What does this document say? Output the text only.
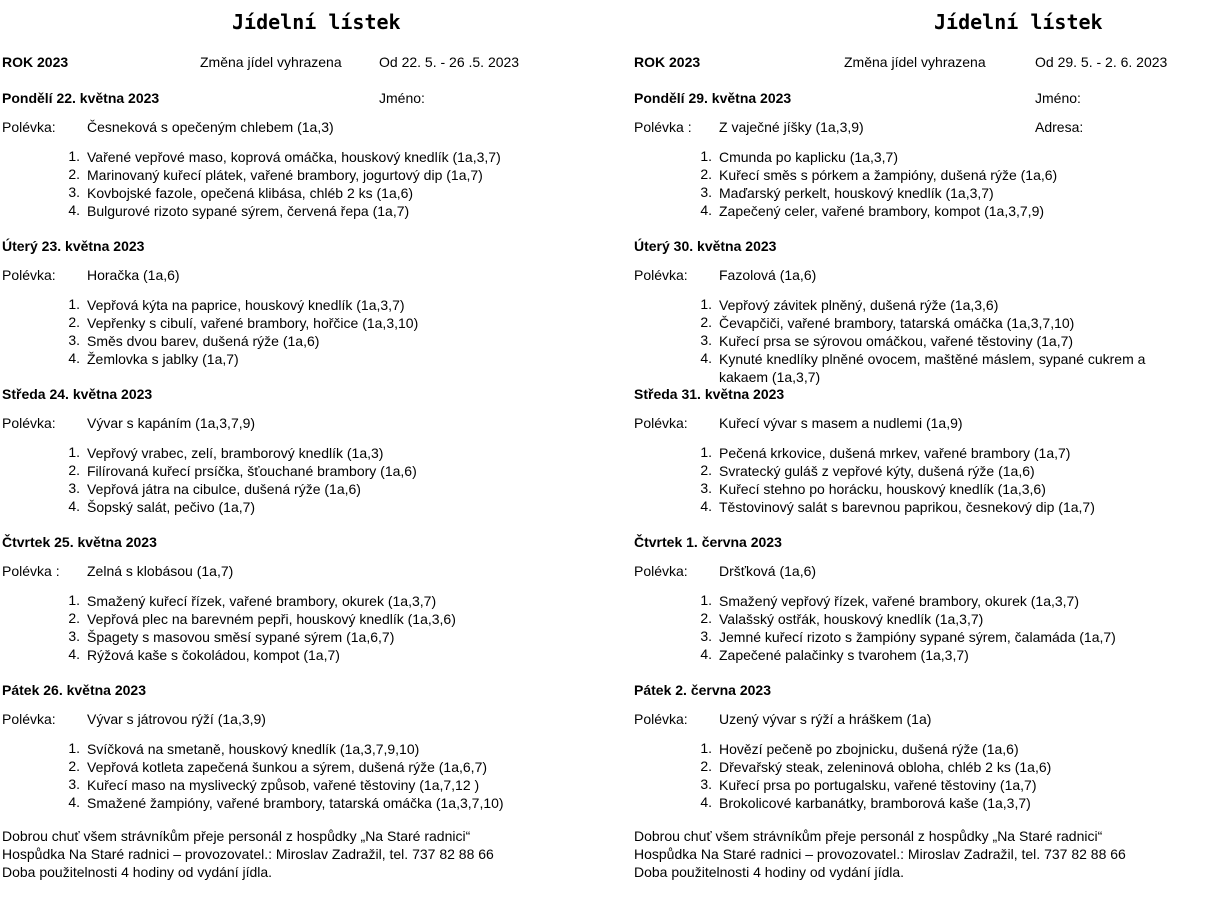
Jídelní lístek
ROK 2023	Změna jídel vyhrazena	Od 22. 5. - 26 .5. 2023
Jméno:
Pondělí 22. května 2023
Polévka: Česneková s opečeným chlebem (1a,3)
1. Vařené vepřové maso, koprová omáčka, houskový knedlík (1a,3,7)
2. Marinovaný kuřecí plátek, vařené brambory, jogurtový dip (1a,7)
3. Kovbojské fazole, opečená klibása, chléb 2 ks (1a,6)
4. Bulgurové rizoto sypané sýrem, červená řepa (1a,7)
Úterý 23. května 2023
Polévka: Horačka (1a,6)
1. Vepřová kýta na paprice, houskový knedlík (1a,3,7)
2. Vepřenky s cibulí, vařené brambory, hořčice (1a,3,10)
3. Směs dvou barev, dušená rýže (1a,6)
4. Žemlovka s jablky (1a,7)
Středa 24. května 2023
Polévka: Vývar s kapáním (1a,3,7,9)
1. Vepřový vrabec, zelí, bramborový knedlík (1a,3)
2. Filírovaná kuřecí prsíčka, šťouchané brambory (1a,6)
3. Vepřová játra na cibulce, dušená rýže (1a,6)
4. Šopský salát, pečivo (1a,7)
Čtvrtek 25. května 2023
Polévka : Zelná s klobásou (1a,7)
1. Smažený kuřecí řízek, vařené brambory, okurek (1a,3,7)
2. Vepřová plec na barevném pepři, houskový knedlík (1a,3,6)
3. Špagety s masovou směsí sypané sýrem (1a,6,7)
4. Rýžová kaše s čokoládou, kompot (1a,7)
Pátek 26. května 2023
Polévka: Vývar s játrovou rýží (1a,3,9)
1. Svíčková na smetaně, houskový knedlík (1a,3,7,9,10)
2. Vepřová kotleta zapečená šunkou a sýrem, dušená rýže (1a,6,7)
3. Kuřecí maso na myslivecký způsob, vařené těstoviny (1a,7,12 )
4. Smažené žampióny, vařené brambory, tatarská omáčka (1a,3,7,10)
Dobrou chuť všem strávníkům přeje personál z hospůdky „Na Staré radnici“
Hospůdka Na Staré radnici – provozovatel.: Miroslav Zadražil, tel. 737 82 88 66
Doba použitelnosti 4 hodiny od vydání jídla.
Jídelní lístek
ROK 2023	Změna jídel vyhrazena	Od 29. 5. - 2. 6. 2023
Jméno:
Adresa:
Pondělí 29. května 2023
Polévka : Z vaječné jíšky (1a,3,9)
1. Cmunda po kaplicku (1a,3,7)
2. Kuřecí směs s pórkem a žampióny, dušená rýže (1a,6)
3. Maďarský perkelt, houskový knedlík (1a,3,7)
4. Zapečený celer, vařené brambory, kompot (1a,3,7,9)
Úterý 30. května 2023
Polévka: Fazolová (1a,6)
1. Vepřový závitek plněný, dušená rýže (1a,3,6)
2. Čevapčiči, vařené brambory, tatarská omáčka (1a,3,7,10)
3. Kuřecí prsa se sýrovou omáčkou, vařené těstoviny (1a,7)
4. Kynuté knedlíky plněné ovocem, maštěné máslem, sypané cukrem a kakaem (1a,3,7)
Středa 31. května 2023
Polévka: Kuřecí vývar s masem a nudlemi (1a,9)
1. Pečená krkovice, dušená mrkev, vařené brambory (1a,7)
2. Svratecký guláš z vepřové kýty, dušená rýže (1a,6)
3. Kuřecí stehno po horácku, houskový knedlík (1a,3,6)
4. Těstovinový salát s barevnou paprikou, česnekový dip (1a,7)
Čtvrtek 1. června 2023
Polévka: Dršťková (1a,6)
1. Smažený vepřový řízek, vařené brambory, okurek (1a,3,7)
2. Valašský ostřák, houskový knedlík (1a,3,7)
3. Jemné kuřecí rizoto s žampióny sypané sýrem, čalamáda (1a,7)
4. Zapečené palačinky s tvarohem (1a,3,7)
Pátek 2. června 2023
Polévka: Uzený vývar s rýží a hráškem (1a)
1. Hovězí pečeně po zbojnicku, dušená rýže (1a,6)
2. Dřevařský steak, zeleninová obloha, chléb 2 ks (1a,6)
3. Kuřecí prsa po portugalsku, vařené těstoviny (1a,7)
4. Brokolicové karbanátky, bramborová kaše (1a,3,7)
Dobrou chuť všem strávníkům přeje personál z hospůdky „Na Staré radnici“
Hospůdka Na Staré radnici – provozovatel.: Miroslav Zadražil, tel. 737 82 88 66
Doba použitelnosti 4 hodiny od vydání jídla.
